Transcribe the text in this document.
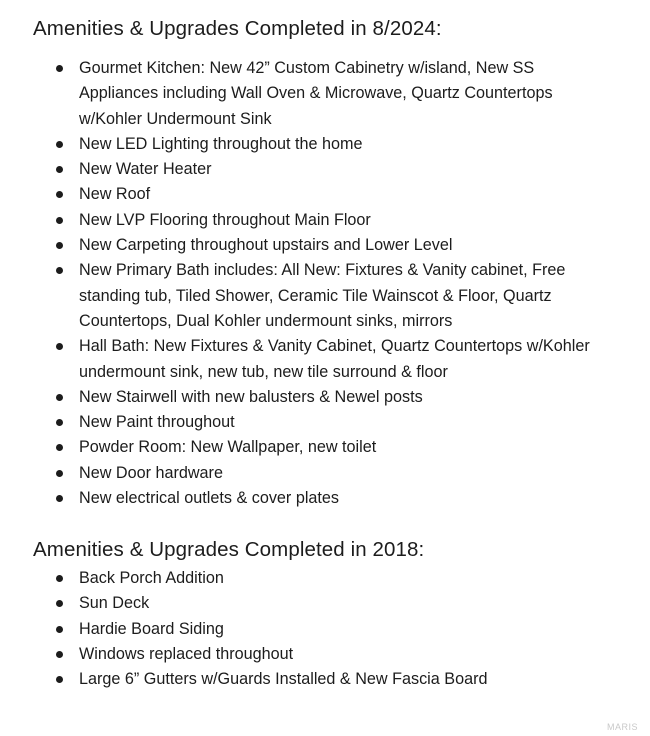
Amenities & Upgrades Completed in 8/2024:
Gourmet Kitchen: New 42” Custom Cabinetry w/island, New SS
Appliances including Wall Oven & Microwave, Quartz Countertops
w/Kohler Undermount Sink
New LED Lighting throughout the home
New Water Heater
New Roof
New LVP Flooring throughout Main Floor
New Carpeting throughout upstairs and Lower Level
New Primary Bath includes: All New: Fixtures & Vanity cabinet, Free
standing tub, Tiled Shower, Ceramic Tile Wainscot & Floor, Quartz
Countertops, Dual Kohler undermount sinks, mirrors
Hall Bath: New Fixtures & Vanity Cabinet, Quartz Countertops w/Kohler
undermount sink, new tub, new tile surround & floor
New Stairwell with new balusters & Newel posts
New Paint throughout
Powder Room: New Wallpaper, new toilet
New Door hardware
New electrical outlets & cover plates
Amenities & Upgrades Completed in 2018:
Back Porch Addition
Sun Deck
Hardie Board Siding
Windows replaced throughout
Large 6” Gutters w/Guards Installed & New Fascia Board
MARIS
